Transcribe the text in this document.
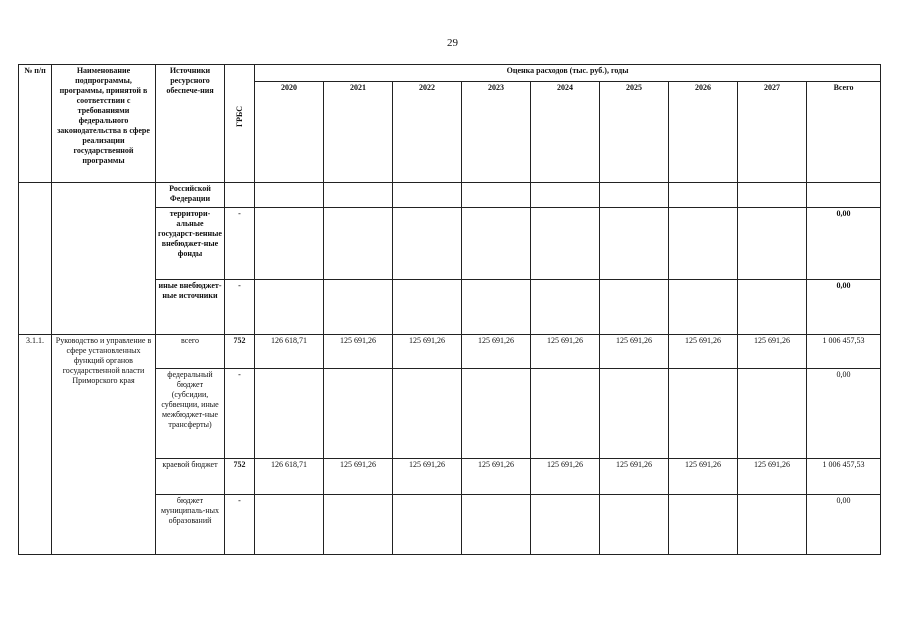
29
№ п/п	Наименование подпрограммы, программы, принятой в соответствии с требованиями федерального законодательства в сфере реализации государственной программы	Источники ресурсного обеспече-ния	ГРБС	Оценка расходов (тыс. руб.), годы								
				2020	2021	2022	2023	2024	2025	2026	2027	Всего
		Российской Федерации										
		территори-альные государст-венные внебюджет-ные фонды	-									0,00
		иные внебюджет-ные источники	-									0,00
3.1.1.	Руководство и управление в сфере установленных функций органов государственной власти Приморского края	всего	752	126 618,71	125 691,26	125 691,26	125 691,26	125 691,26	125 691,26	125 691,26	125 691,26	1 006 457,53
		федеральный бюджет (субсидии, субвенции, иные межбюджет-ные трансферты)	-									0,00
		краевой бюджет	752	126 618,71	125 691,26	125 691,26	125 691,26	125 691,26	125 691,26	125 691,26	125 691,26	1 006 457,53
		бюджет муниципаль-ных образований	-									0,00
